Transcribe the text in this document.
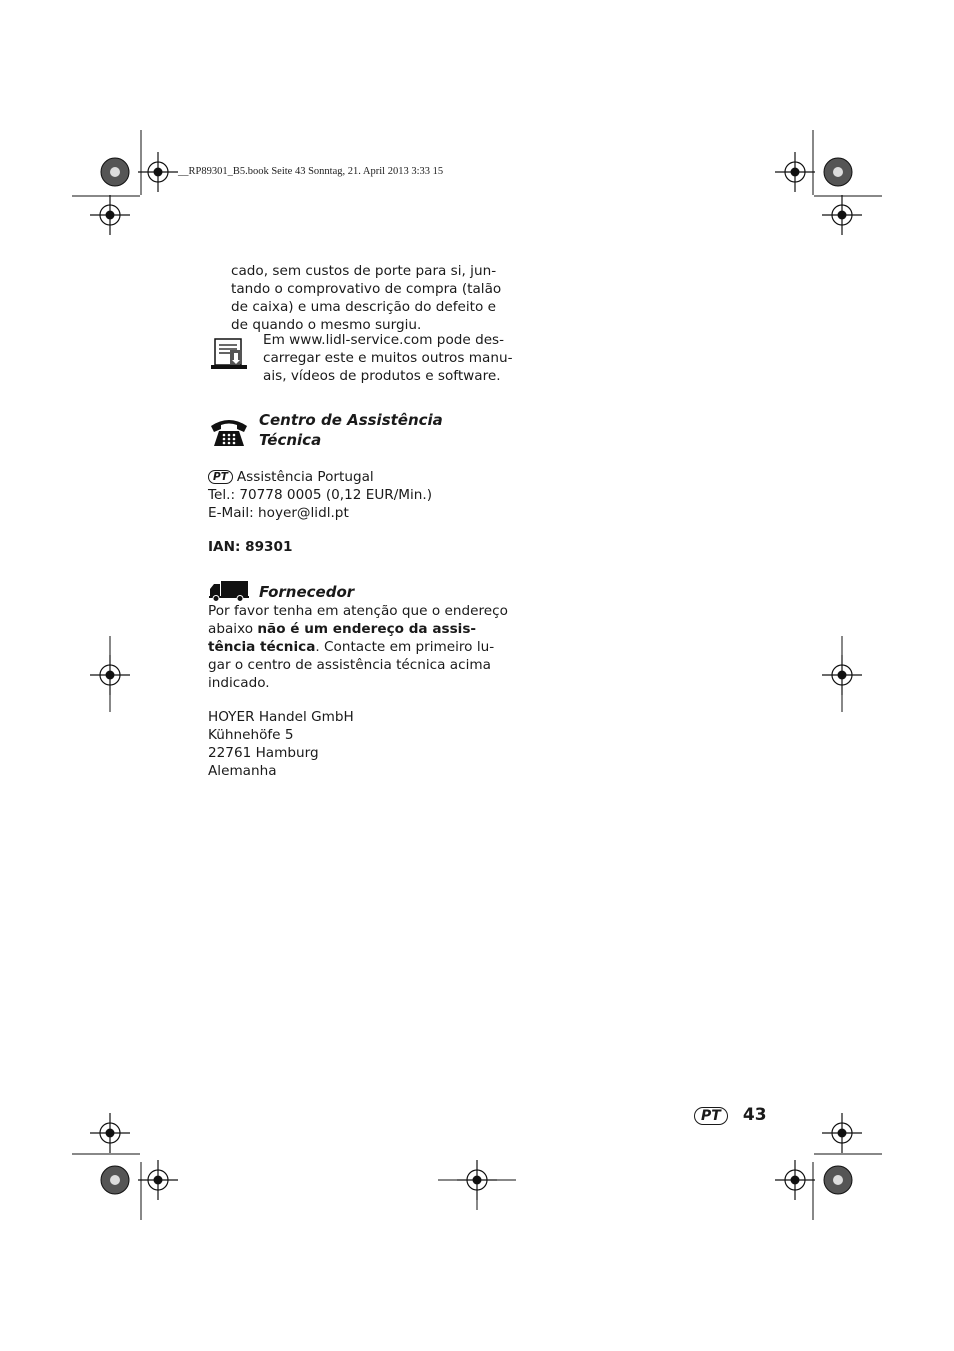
__RP89301_B5.book Seite 43 Sonntag, 21. April 2013 3:33 15
cado, sem custos de porte para si, jun-
tando o comprovativo de compra (talão
de caixa) e uma descrição do defeito e
de quando o mesmo surgiu.
Em www.lidl-service.com pode des-
carregar este e muitos outros manu-
ais, vídeos de produtos e software.
Centro de Assistência
Técnica
PT Assistência Portugal
Tel.: 70778 0005 (0,12 EUR/Min.)
E-Mail: hoyer@lidl.pt
IAN: 89301
Fornecedor
Por favor tenha em atenção que o endereço
abaixo não é um endereço da assis-
tência técnica. Contacte em primeiro lu-
gar o centro de assistência técnica acima
indicado.
HOYER Handel GmbH
Kühnehöfe 5
22761 Hamburg
Alemanha
PT 43
